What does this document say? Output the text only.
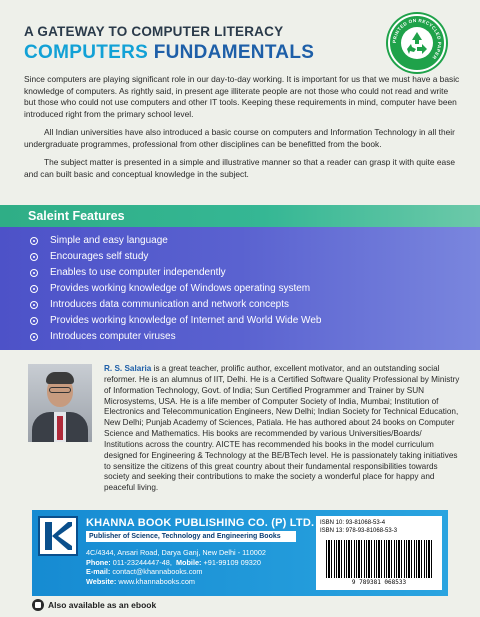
A GATEWAY TO COMPUTER LITERACY
COMPUTERS FUNDAMENTALS
PRINTED ON RECYCLED PAPER

Since computers are playing significant role in our day-to-day working. It is important for us that we must have a basic knowledge of computers. As rightly said, in present age illiterate people are not those who could not read and write but those who could not use computers and other IT tools. Keeping these requirements in mind, computer have been introduced right from the primary school level.

All Indian universities have also introduced a basic course on computers and Information Technology in all their undergraduate programmes, professional from other disciplines can be benefitted from the book.

The subject matter is presented in a simple and illustrative manner so that a reader can grasp it with quite ease and can built basic and conceptual knowledge in the subject.

Saleint Features
Simple and easy language
Encourages self study
Enables to use computer independently
Provides working knowledge of Windows operating system
Introduces data communication and network concepts
Provides working knowledge of Internet and World Wide Web
Introduces computer viruses
R. S. Salaria is a great teacher, prolific author, excellent motivator, and an outstanding social reformer. He is an alumnus of IIT, Delhi. He is a Certified Software Quality Professional by Ministry of Information Technology, Govt. of India; Sun Certified Programmer and Trainer by SUN Microsystems, USA. He is a life member of Computer Society of India, Mumbai; Institution of Electronics and Telecommunication Engineers, New Delhi; Indian Society for Technical Education, New Delhi; Punjab Academy of Sciences, Patiala. He has authored about 24 books on Computer Science and Mathematics. His books are recommended by various Universities/Boards/ Institutions across the country. AICTE has recommended his books in the model curriculum designed for Engineering & Technology at the BE/BTech level. He is passionately taking initiatives to sensitize the citizens of this great country about their fundamental responsibilities towards society and seeking their contributions to make the society a wonderful place for happy and peaceful living.
KHANNA BOOK PUBLISHING CO. (P) LTD.
Publisher of Science, Technology and Engineering Books
4C/4344, Ansari Road, Darya Ganj, New Delhi - 110002
Phone: 011-23244447-48, Mobile: +91-99109 09320
E-mail: contact@khannabooks.com
Website: www.khannabooks.com
ISBN 10: 93-81068-53-4
ISBN 13: 978-93-81068-53-3
9 789381 068533
Also available as an ebook
